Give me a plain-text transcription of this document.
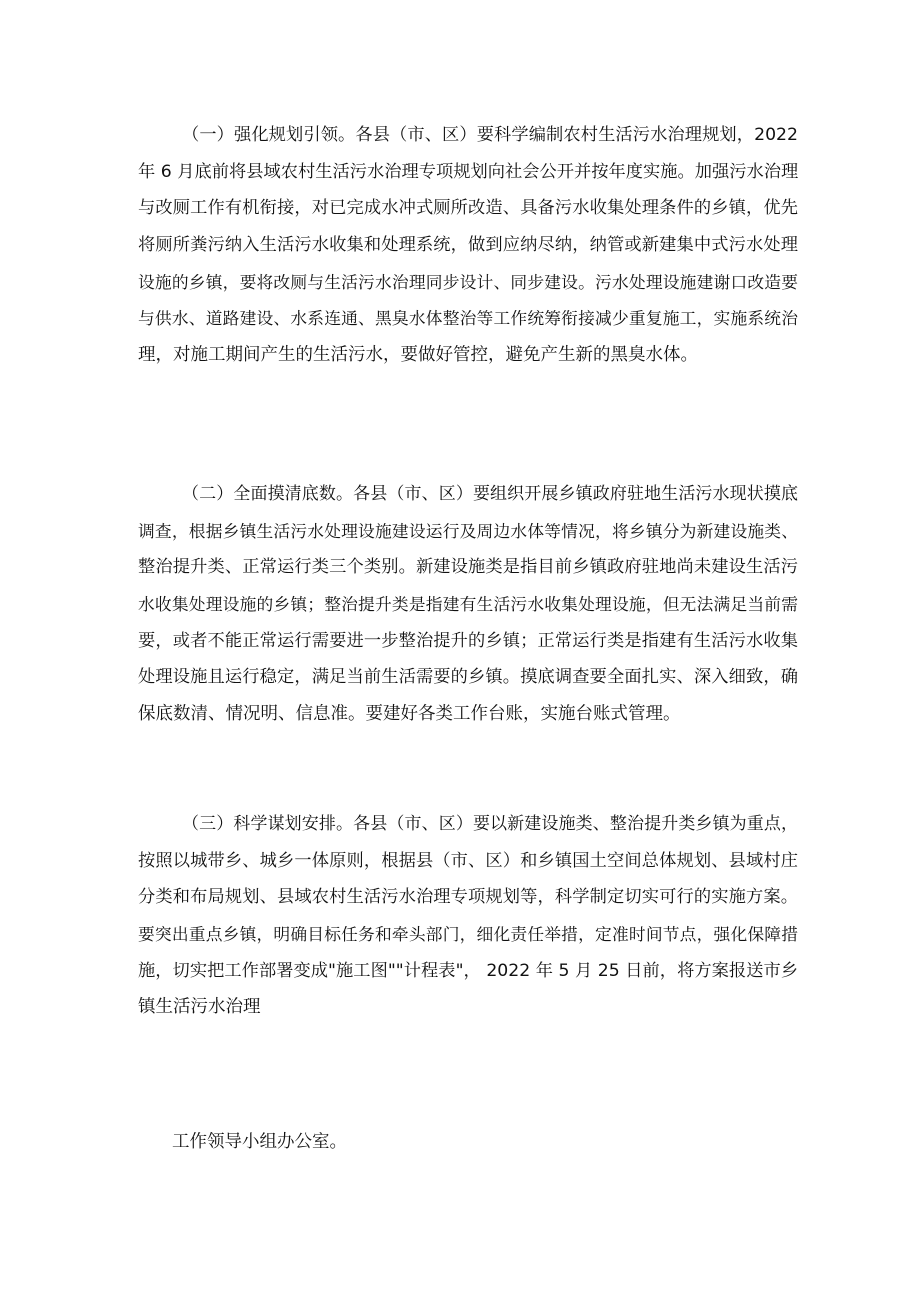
（一）强化规划引领。各县（市、区）要科学编制农村生活污水治理规划，2022
年 6 月底前将县域农村生活污水治理专项规划向社会公开并按年度实施。加强污水治理
与改厕工作有机衔接，对已完成水冲式厕所改造、具备污水收集处理条件的乡镇，优先
将厕所粪污纳入生活污水收集和处理系统，做到应纳尽纳，纳管或新建集中式污水处理
设施的乡镇，要将改厕与生活污水治理同步设计、同步建设。污水处理设施建谢口改造要
与供水、道路建设、水系连通、黑臭水体整治等工作统筹衔接减少重复施工，实施系统治
理，对施工期间产生的生活污水，要做好管控，避免产生新的黑臭水体。
（二）全面摸清底数。各县（市、区）要组织开展乡镇政府驻地生活污水现状摸底
调查，根据乡镇生活污水处理设施建设运行及周边水体等情况，将乡镇分为新建设施类、
整治提升类、正常运行类三个类别。新建设施类是指目前乡镇政府驻地尚未建设生活污
水收集处理设施的乡镇；整治提升类是指建有生活污水收集处理设施，但无法满足当前需
要，或者不能正常运行需要进一步整治提升的乡镇；正常运行类是指建有生活污水收集
处理设施且运行稳定，满足当前生活需要的乡镇。摸底调查要全面扎实、深入细致，确
保底数清、情况明、信息准。要建好各类工作台账，实施台账式管理。
（三）科学谋划安排。各县（市、区）要以新建设施类、整治提升类乡镇为重点，
按照以城带乡、城乡一体原则，根据县（市、区）和乡镇国土空间总体规划、县域村庄
分类和布局规划、县域农村生活污水治理专项规划等，科学制定切实可行的实施方案。
要突出重点乡镇，明确目标任务和牵头部门，细化责任举措，定准时间节点，强化保障措
施，切实把工作部署变成"施工图""计程表"， 2022 年 5 月 25 日前，将方案报送市乡
镇生活污水治理
工作领导小组办公室。
